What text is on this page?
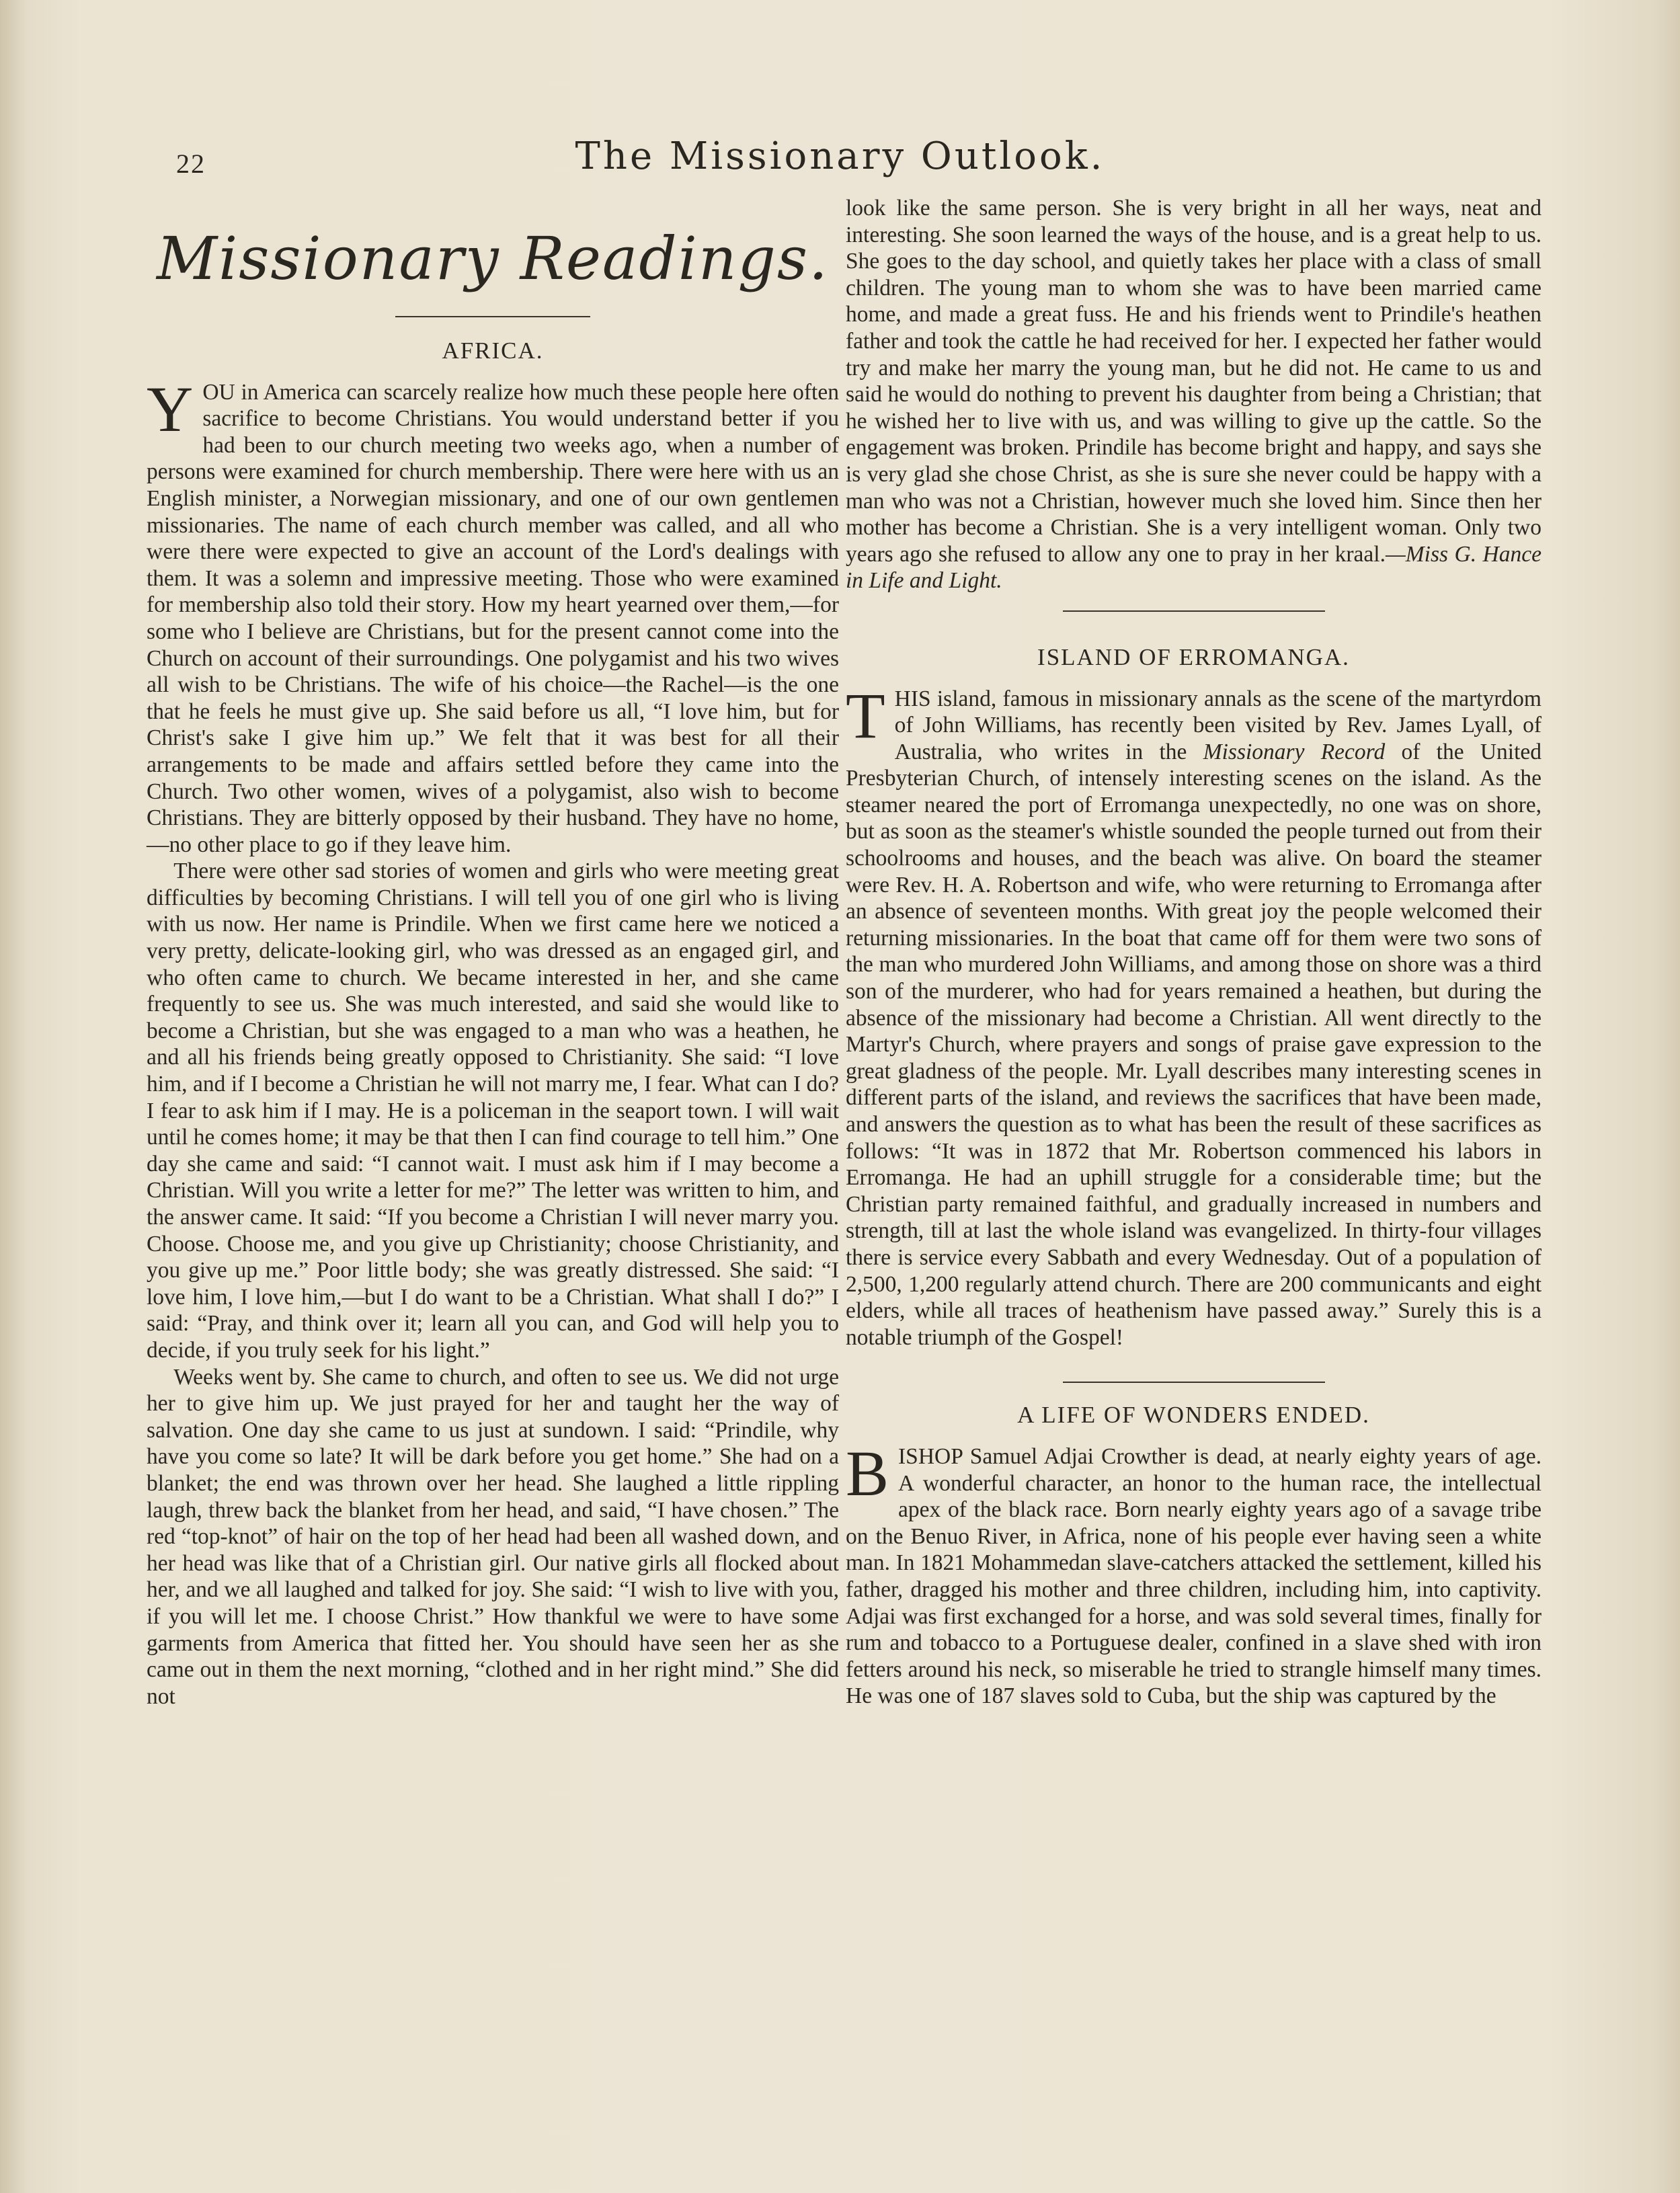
22	The Missionary Outlook.
Missionary Readings.
AFRICA.

YOU in America can scarcely realize how much these people here often sacrifice to become Christians. You would understand better if you had been to our church meeting two weeks ago, when a number of persons were examined for church membership. There were here with us an English minister, a Norwegian missionary, and one of our own gentlemen missionaries. The name of each church member was called, and all who were there were expected to give an account of the Lord's dealings with them. It was a solemn and impressive meeting. Those who were examined for membership also told their story. How my heart yearned over them,—for some who I believe are Christians, but for the present cannot come into the Church on account of their surroundings. One polygamist and his two wives all wish to be Christians. The wife of his choice—the Rachel—is the one that he feels he must give up. She said before us all, “I love him, but for Christ's sake I give him up.” We felt that it was best for all their arrangements to be made and affairs settled before they came into the Church. Two other women, wives of a polygamist, also wish to become Christians. They are bitterly opposed by their husband. They have no home,—no other place to go if they leave him.

There were other sad stories of women and girls who were meeting great difficulties by becoming Christians. I will tell you of one girl who is living with us now. Her name is Prindile. When we first came here we noticed a very pretty, delicate-looking girl, who was dressed as an engaged girl, and who often came to church. We became interested in her, and she came frequently to see us. She was much interested, and said she would like to become a Christian, but she was engaged to a man who was a heathen, he and all his friends being greatly opposed to Christianity. She said: “I love him, and if I become a Christian he will not marry me, I fear. What can I do? I fear to ask him if I may. He is a policeman in the seaport town. I will wait until he comes home; it may be that then I can find courage to tell him.” One day she came and said: “I cannot wait. I must ask him if I may become a Christian. Will you write a letter for me?” The letter was written to him, and the answer came. It said: “If you become a Christian I will never marry you. Choose. Choose me, and you give up Christianity; choose Christianity, and you give up me.” Poor little body; she was greatly distressed. She said: “I love him, I love him,—but I do want to be a Christian. What shall I do?” I said: “Pray, and think over it; learn all you can, and God will help you to decide, if you truly seek for his light.”

Weeks went by. She came to church, and often to see us. We did not urge her to give him up. We just prayed for her and taught her the way of salvation. One day she came to us just at sundown. I said: “Prindile, why have you come so late? It will be dark before you get home.” She had on a blanket; the end was thrown over her head. She laughed a little rippling laugh, threw back the blanket from her head, and said, “I have chosen.” The red “top-knot” of hair on the top of her head had been all washed down, and her head was like that of a Christian girl. Our native girls all flocked about her, and we all laughed and talked for joy. She said: “I wish to live with you, if you will let me. I choose Christ.” How thankful we were to have some garments from America that fitted her. You should have seen her as she came out in them the next morning, “clothed and in her right mind.” She did not

look like the same person. She is very bright in all her ways, neat and interesting. She soon learned the ways of the house, and is a great help to us. She goes to the day school, and quietly takes her place with a class of small children. The young man to whom she was to have been married came home, and made a great fuss. He and his friends went to Prindile's heathen father and took the cattle he had received for her. I expected her father would try and make her marry the young man, but he did not. He came to us and said he would do nothing to prevent his daughter from being a Christian; that he wished her to live with us, and was willing to give up the cattle. So the engagement was broken. Prindile has become bright and happy, and says she is very glad she chose Christ, as she is sure she never could be happy with a man who was not a Christian, however much she loved him. Since then her mother has become a Christian. She is a very intelligent woman. Only two years ago she refused to allow any one to pray in her kraal.—Miss G. Hance in Life and Light.

ISLAND OF ERROMANGA.

THIS island, famous in missionary annals as the scene of the martyrdom of John Williams, has recently been visited by Rev. James Lyall, of Australia, who writes in the Missionary Record of the United Presbyterian Church, of intensely interesting scenes on the island. As the steamer neared the port of Erromanga unexpectedly, no one was on shore, but as soon as the steamer's whistle sounded the people turned out from their schoolrooms and houses, and the beach was alive. On board the steamer were Rev. H. A. Robertson and wife, who were returning to Erromanga after an absence of seventeen months. With great joy the people welcomed their returning missionaries. In the boat that came off for them were two sons of the man who murdered John Williams, and among those on shore was a third son of the murderer, who had for years remained a heathen, but during the absence of the missionary had become a Christian. All went directly to the Martyr's Church, where prayers and songs of praise gave expression to the great gladness of the people. Mr. Lyall describes many interesting scenes in different parts of the island, and reviews the sacrifices that have been made, and answers the question as to what has been the result of these sacrifices as follows: “It was in 1872 that Mr. Robertson commenced his labors in Erromanga. He had an uphill struggle for a considerable time; but the Christian party remained faithful, and gradually increased in numbers and strength, till at last the whole island was evangelized. In thirty-four villages there is service every Sabbath and every Wednesday. Out of a population of 2,500, 1,200 regularly attend church. There are 200 communicants and eight elders, while all traces of heathenism have passed away.” Surely this is a notable triumph of the Gospel!

A LIFE OF WONDERS ENDED.

BISHOP Samuel Adjai Crowther is dead, at nearly eighty years of age. A wonderful character, an honor to the human race, the intellectual apex of the black race. Born nearly eighty years ago of a savage tribe on the Benuo River, in Africa, none of his people ever having seen a white man. In 1821 Mohammedan slave-catchers attacked the settlement, killed his father, dragged his mother and three children, including him, into captivity. Adjai was first exchanged for a horse, and was sold several times, finally for rum and tobacco to a Portuguese dealer, confined in a slave shed with iron fetters around his neck, so miserable he tried to strangle himself many times. He was one of 187 slaves sold to Cuba, but the ship was captured by the
